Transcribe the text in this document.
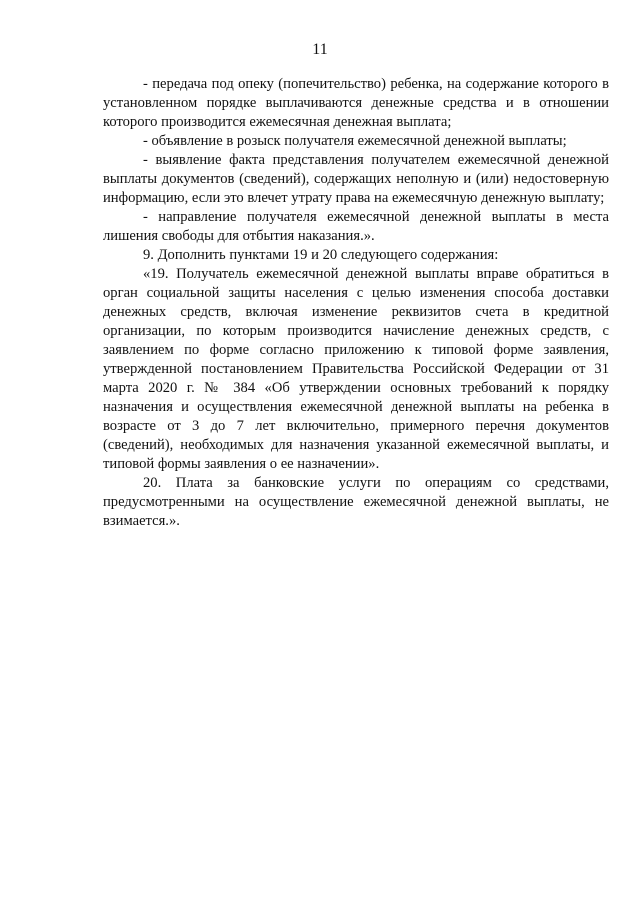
11

- передача под опеку (попечительство) ребенка, на содержание которого в установленном порядке выплачиваются денежные средства и в отношении которого производится ежемесячная денежная выплата;

- объявление в розыск получателя ежемесячной денежной выплаты;

- выявление факта представления получателем ежемесячной денежной выплаты документов (сведений), содержащих неполную и (или) недостоверную информацию, если это влечет утрату права на ежемесячную денежную выплату;

- направление получателя ежемесячной денежной выплаты в места лишения свободы для отбытия наказания.».

9. Дополнить пунктами 19 и 20 следующего содержания:

«19. Получатель ежемесячной денежной выплаты вправе обратиться в орган социальной защиты населения с целью изменения способа доставки денежных средств, включая изменение реквизитов счета в кредитной организации, по которым производится начисление денежных средств, с заявлением по форме согласно приложению к типовой форме заявления, утвержденной постановлением Правительства Российской Федерации от 31 марта 2020 г. № 384 «Об утверждении основных требований к порядку назначения и осуществления ежемесячной денежной выплаты на ребенка в возрасте от 3 до 7 лет включительно, примерного перечня документов (сведений), необходимых для назначения указанной ежемесячной выплаты, и типовой формы заявления о ее назначении».

20. Плата за банковские услуги по операциям со средствами, предусмотренными на осуществление ежемесячной денежной выплаты, не взимается.».
